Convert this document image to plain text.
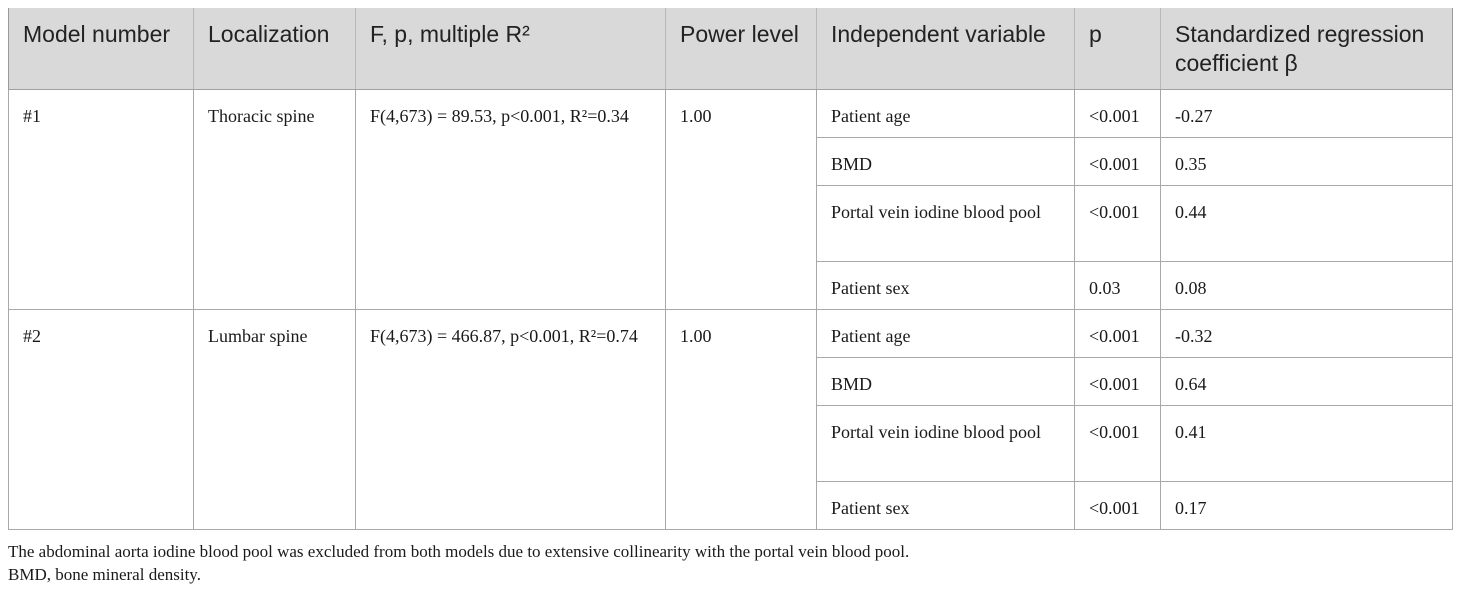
Model number	Localization	F, p, multiple R²	Power level	Independent variable	p	Standardized regression coefficient β
#1	Thoracic spine	F(4,673) = 89.53, p<0.001, R²=0.34	1.00	Patient age	<0.001	-0.27
				BMD	<0.001	0.35
				Portal vein iodine blood pool	<0.001	0.44
				Patient sex	0.03	0.08
#2	Lumbar spine	F(4,673) = 466.87, p<0.001, R²=0.74	1.00	Patient age	<0.001	-0.32
				BMD	<0.001	0.64
				Portal vein iodine blood pool	<0.001	0.41
				Patient sex	<0.001	0.17
The abdominal aorta iodine blood pool was excluded from both models due to extensive collinearity with the portal vein blood pool.
BMD, bone mineral density.
